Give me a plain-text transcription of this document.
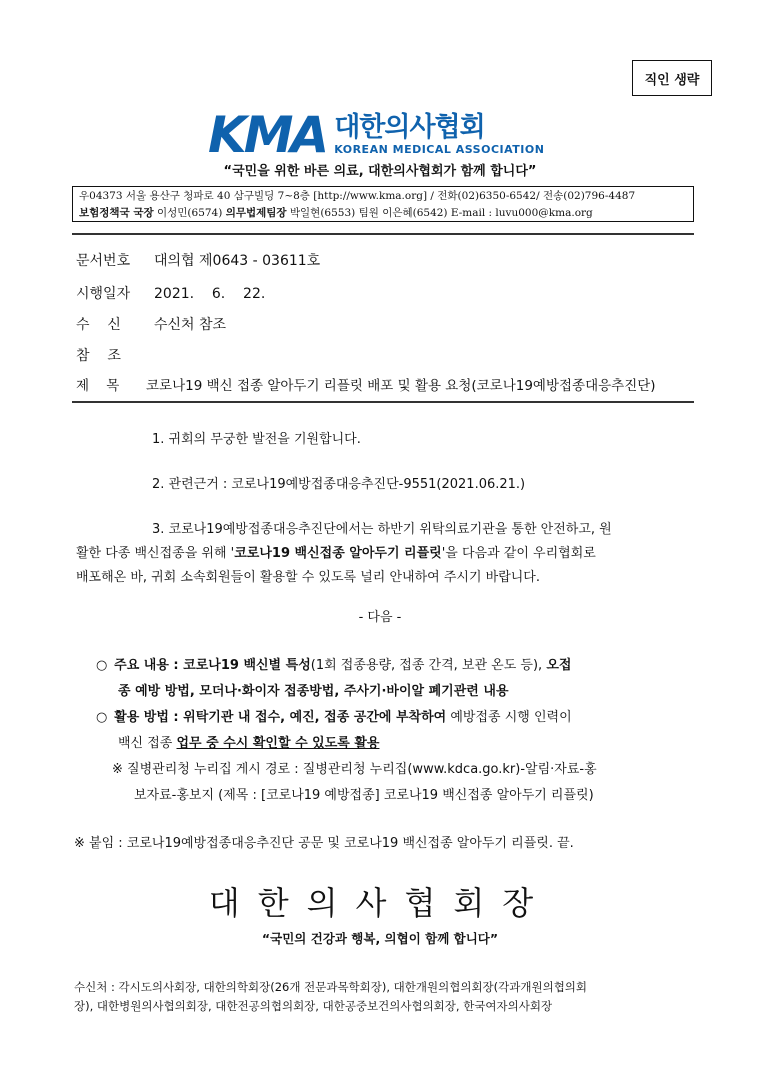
직인 생략
KMA 대한의사협회
KOREAN MEDICAL ASSOCIATION
“국민을 위한 바른 의료, 대한의사협회가 함께 합니다”
우04373 서울 용산구 청파로 40 삼구빌딩 7~8층 [http://www.kma.org] / 전화(02)6350-6542/ 전송(02)796-4487
보험정책국 국장 이성민(6574) 의무법제팀장 박일현(6553) 팀원 이은혜(6542) E-mail : luvu000@kma.org
문서번호 대의협 제0643 - 03611호
시행일자 2021.    6.    22.
수    신 수신처 참조
참    조
제    목 코로나19 백신 접종 알아두기 리플릿 배포 및 활용 요청(코로나19예방접종대응추진단)
1. 귀회의 무궁한 발전을 기원합니다.
2. 관련근거 : 코로나19예방접종대응추진단-9551(2021.06.21.)
3. 코로나19예방접종대응추진단에서는 하반기 위탁의료기관을 통한 안전하고, 원
활한 다종 백신접종을 위해 '코로나19 백신접종 알아두기 리플릿'을 다음과 같이 우리협회로
배포해온 바, 귀회 소속회원들이 활용할 수 있도록 널리 안내하여 주시기 바랍니다.
- 다음 -
○ 주요 내용 : 코로나19 백신별 특성(1회 접종용량, 접종 간격, 보관 온도 등), 오접
종 예방 방법, 모더나·화이자 접종방법, 주사기·바이알 폐기관련 내용
○ 활용 방법 : 위탁기관 내 접수, 예진, 접종 공간에 부착하여 예방접종 시행 인력이
백신 접종 업무 중 수시 확인할 수 있도록 활용
※ 질병관리청 누리집 게시 경로 : 질병관리청 누리집(www.kdca.go.kr)-알림·자료-홍
보자료-홍보지 (제목 : [코로나19 예방접종] 코로나19 백신접종 알아두기 리플릿)
※ 붙임 : 코로나19예방접종대응추진단 공문 및 코로나19 백신접종 알아두기 리플릿. 끝.
대한의사협회장
“국민의 건강과 행복, 의협이 함께 합니다”
수신처 : 각시도의사회장, 대한의학회장(26개 전문과목학회장), 대한개원의협의회장(각과개원의협의회
장), 대한병원의사협의회장, 대한전공의협의회장, 대한공중보건의사협의회장, 한국여자의사회장
